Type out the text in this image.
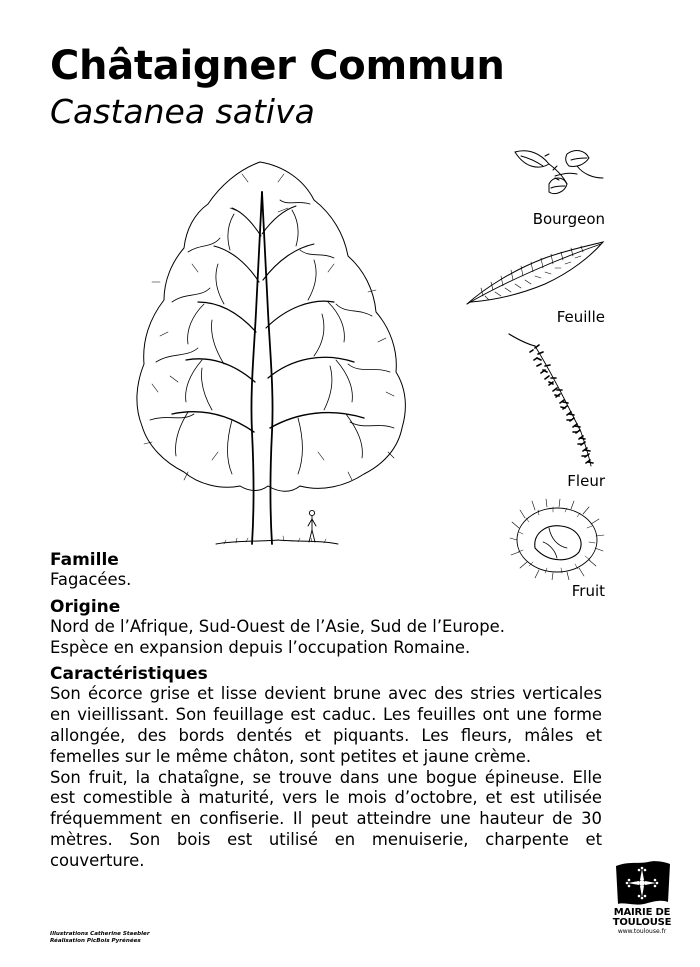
Châtaigner Commun
Castanea sativa
Bourgeon
Feuille
Fleur
Fruit
Famille

Fagacées.

Origine

Nord de l’Afrique, Sud-Ouest de l’Asie, Sud de l’Europe.

Espèce en expansion depuis l’occupation Romaine.

Caractéristiques

Son écorce grise et lisse devient brune avec des stries verticales en vieillissant. Son feuillage est caduc. Les feuilles ont une forme allongée, des bords dentés et piquants. Les fleurs, mâles et femelles sur le même châton, sont petites et jaune crème.

Son fruit, la chataîgne, se trouve dans une bogue épineuse. Elle est comestible à maturité, vers le mois d’octobre, et est utilisée fréquemment en confiserie. Il peut atteindre une hauteur de 30 mètres. Son bois est utilisé en menuiserie, charpente et couverture.

Illustrations Catherine Staebler
Réalisation PicBois Pyrénées
MAIRIE DE
TOULOUSE
www.toulouse.fr
